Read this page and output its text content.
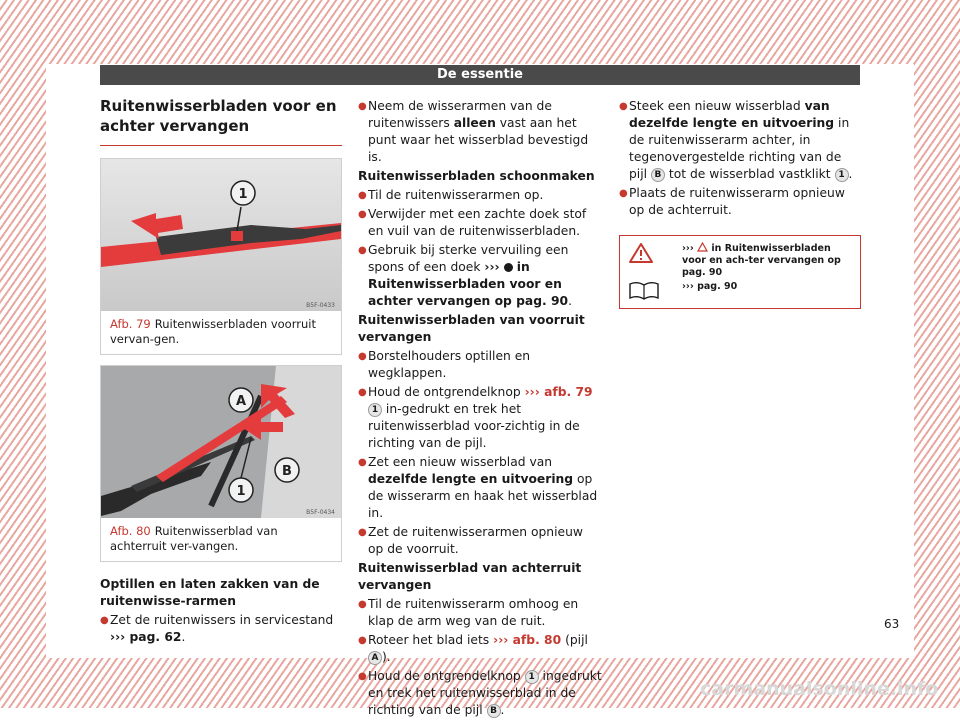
De essentie

Ruitenwisserbladen voor en achter vervangen

1
B5F-0433
Afb. 79 Ruitenwisserbladen voorruit vervan-gen.
A
B
1
B5F-0434
Afb. 80 Ruitenwisserblad van achterruit ver-vangen.

Optillen en laten zakken van de ruitenwisse-rarmen

● Zet de ruitenwissers in servicestand ››› pag. 62.

● Neem de wisserarmen van de ruitenwissers alleen vast aan het punt waar het wisserblad bevestigd is.

Ruitenwisserbladen schoonmaken

● Til de ruitenwisserarmen op.

● Verwijder met een zachte doek stof en vuil van de ruitenwisserbladen.

● Gebruik bij sterke vervuiling een spons of een doek ›››  in Ruitenwisserbladen voor en achter vervangen op pag. 90.

Ruitenwisserbladen van voorruit vervangen

● Borstelhouders optillen en wegklappen.

● Houd de ontgrendelknop ››› afb. 79 1 in-gedrukt en trek het ruitenwisserblad voor-zichtig in de richting van de pijl.

● Zet een nieuw wisserblad van dezelfde lengte en uitvoering op de wisserarm en haak het wisserblad in.

● Zet de ruitenwisserarmen opnieuw op de voorruit.

Ruitenwisserblad van achterruit vervangen

● Til de ruitenwisserarm omhoog en klap de arm weg van de ruit.

● Roteer het blad iets ››› afb. 80 (pijl A ).

● Houd de ontgrendelknop 1 ingedrukt en trek het ruitenwisserblad in de richting van de pijl B .

● Steek een nieuw wisserblad van dezelfde lengte en uitvoering in de ruitenwisserarm achter, in tegenovergestelde richting van de pijl B tot de wisserblad vastklikt 1 .

● Plaats de ruitenwisserarm opnieuw op de achterruit.

››› in Ruitenwisserbladen voor en ach-ter vervangen op pag. 90
››› pag. 90
63
carmanualsonline.info
